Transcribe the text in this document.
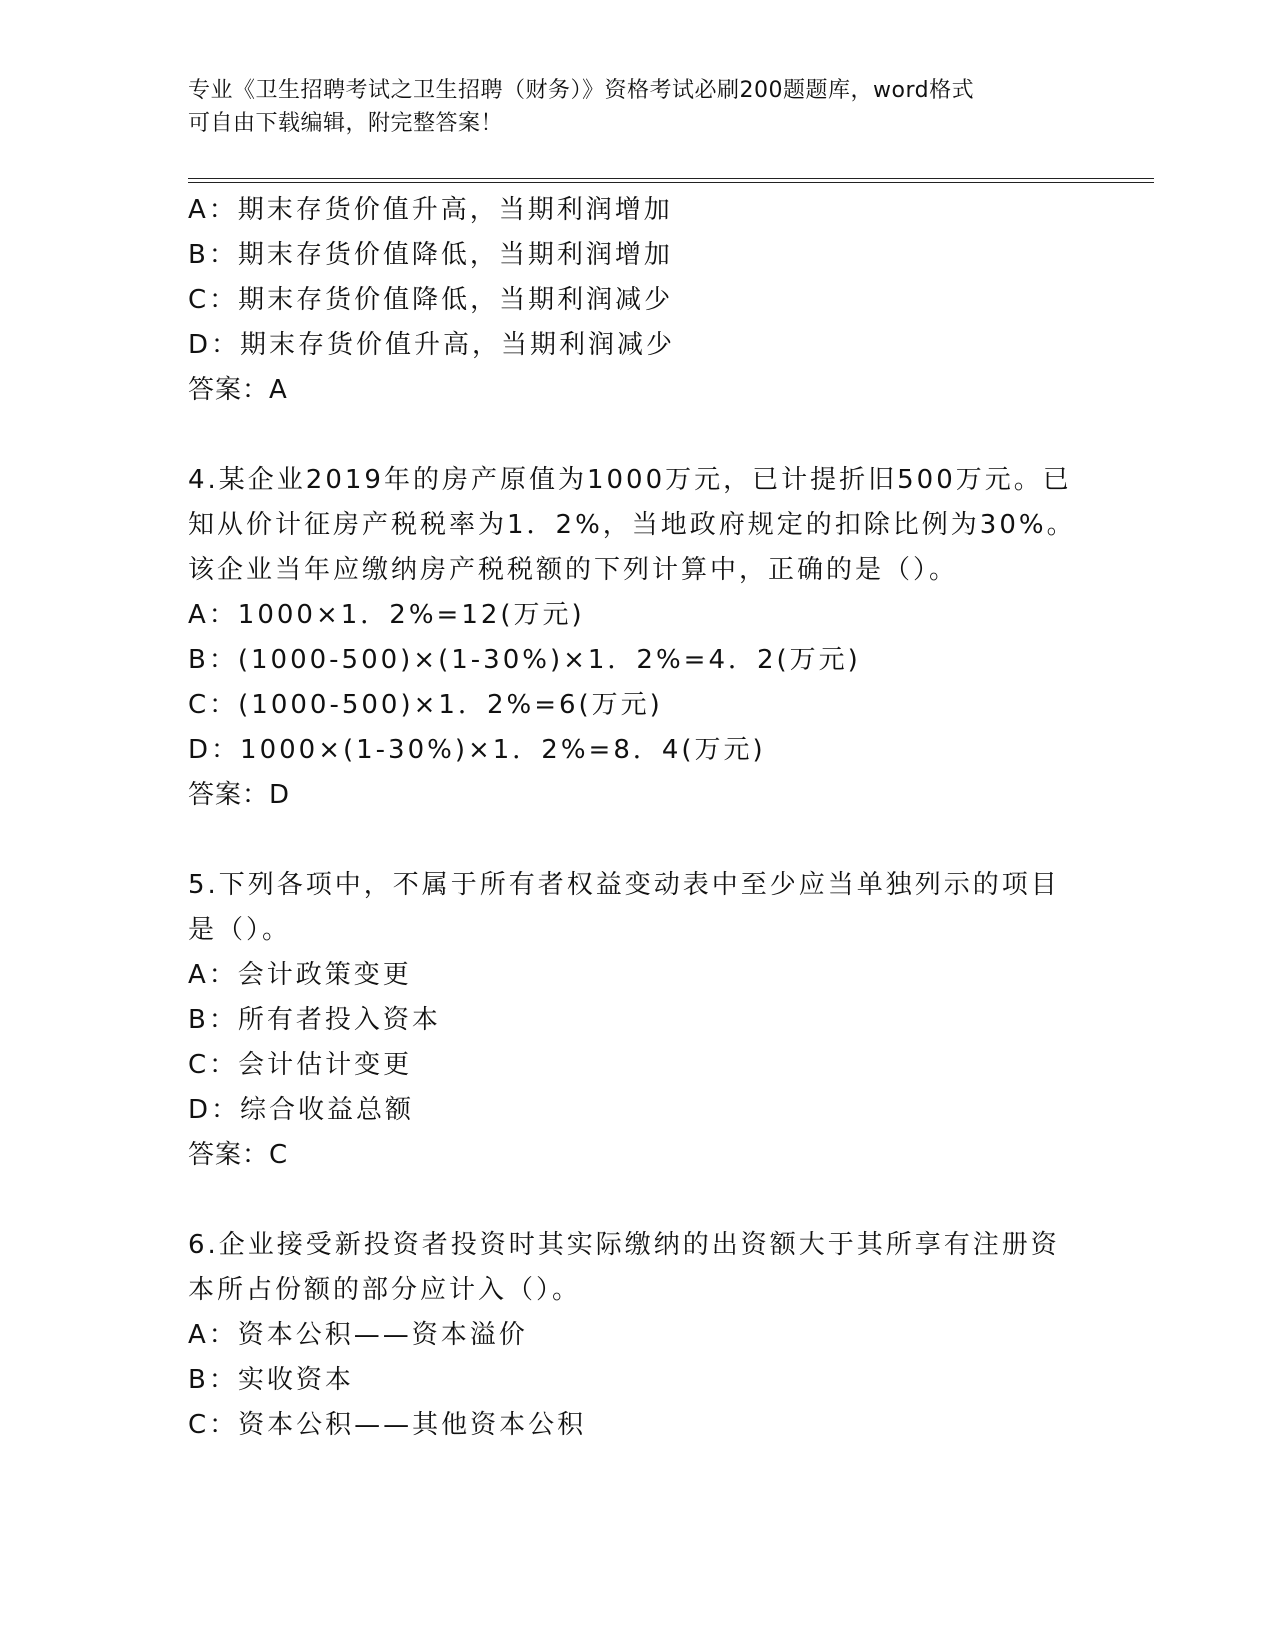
专业《卫生招聘考试之卫生招聘（财务）》资格考试必刷200题题库，word格式
可自由下载编辑，附完整答案！
A：期末存货价值升高，当期利润增加
B：期末存货价值降低，当期利润增加
C：期末存货价值降低，当期利润减少
D：期末存货价值升高，当期利润减少
答案：A
4.某企业2019年的房产原值为1000万元，已计提折旧500万元。已
知从价计征房产税税率为1．2%，当地政府规定的扣除比例为30%。
该企业当年应缴纳房产税税额的下列计算中，正确的是（）。
A：1000×1．2%=12(万元)
B：(1000-500)×(1-30%)×1．2%=4．2(万元)
C：(1000-500)×1．2%=6(万元)
D：1000×(1-30%)×1．2%=8．4(万元)
答案：D
5.下列各项中，不属于所有者权益变动表中至少应当单独列示的项目
是（）。
A：会计政策变更
B：所有者投入资本
C：会计估计变更
D：综合收益总额
答案：C
6.企业接受新投资者投资时其实际缴纳的出资额大于其所享有注册资
本所占份额的部分应计入（）。
A：资本公积——资本溢价
B：实收资本
C：资本公积——其他资本公积
